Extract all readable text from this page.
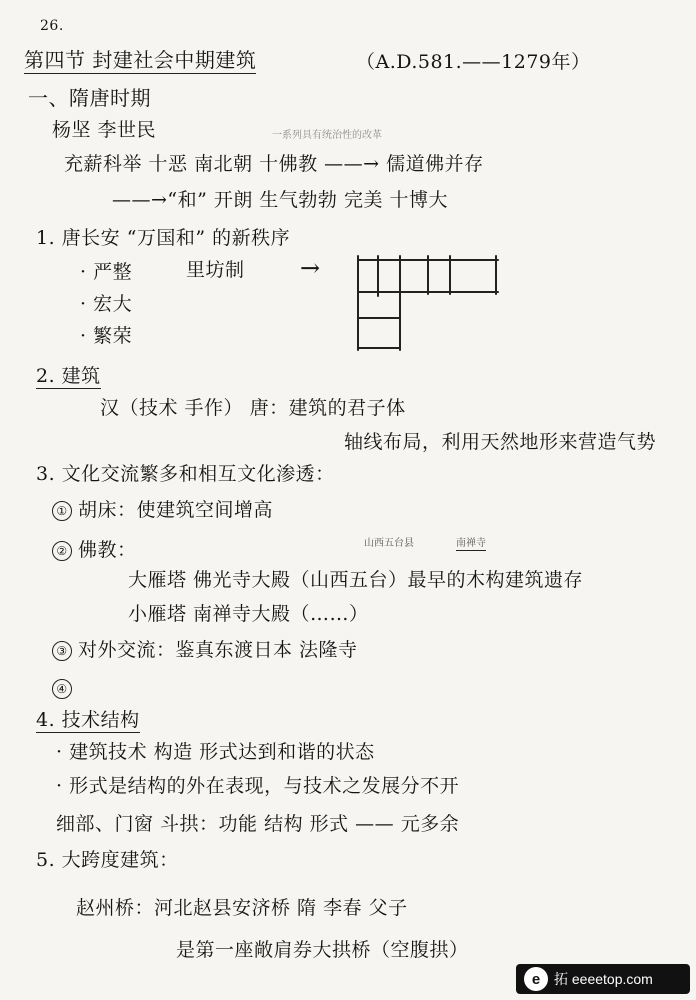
26.
第四节 封建社会中期建筑	（A.D.581.——1279年）
一、隋唐时期
杨坚 李世民	一系列具有统治性的改革
充薪科举 十恶 南北朝 十佛教 ——→ 儒道佛并存
——→“和” 开朗 生气勃勃 完美 十博大
1. 唐长安 “万国和” 的新秩序
· 严整
· 宏大
· 繁荣
里坊制 →
2. 建筑
汉（技术 手作） 唐：建筑的君子体
轴线布局，利用天然地形来营造气势
3. 文化交流繁多和相互文化渗透：
① 胡床：使建筑空间增高
山西五台县	南禅寺
② 佛教：
大雁塔 佛光寺大殿（山西五台）最早的木构建筑遗存
小雁塔 南禅寺大殿（……）
③ 对外交流：鉴真东渡日本 法隆寺
④
4. 技术结构
· 建筑技术 构造 形式达到和谐的状态
· 形式是结构的外在表现，与技术之发展分不开
细部、门窗 斗拱：功能 结构 形式 —— 元多余
5. 大跨度建筑：
赵州桥：河北赵县安济桥 隋 李春 父子
是第一座敞肩券大拱桥（空腹拱）
e 拓 eeeetop.com
